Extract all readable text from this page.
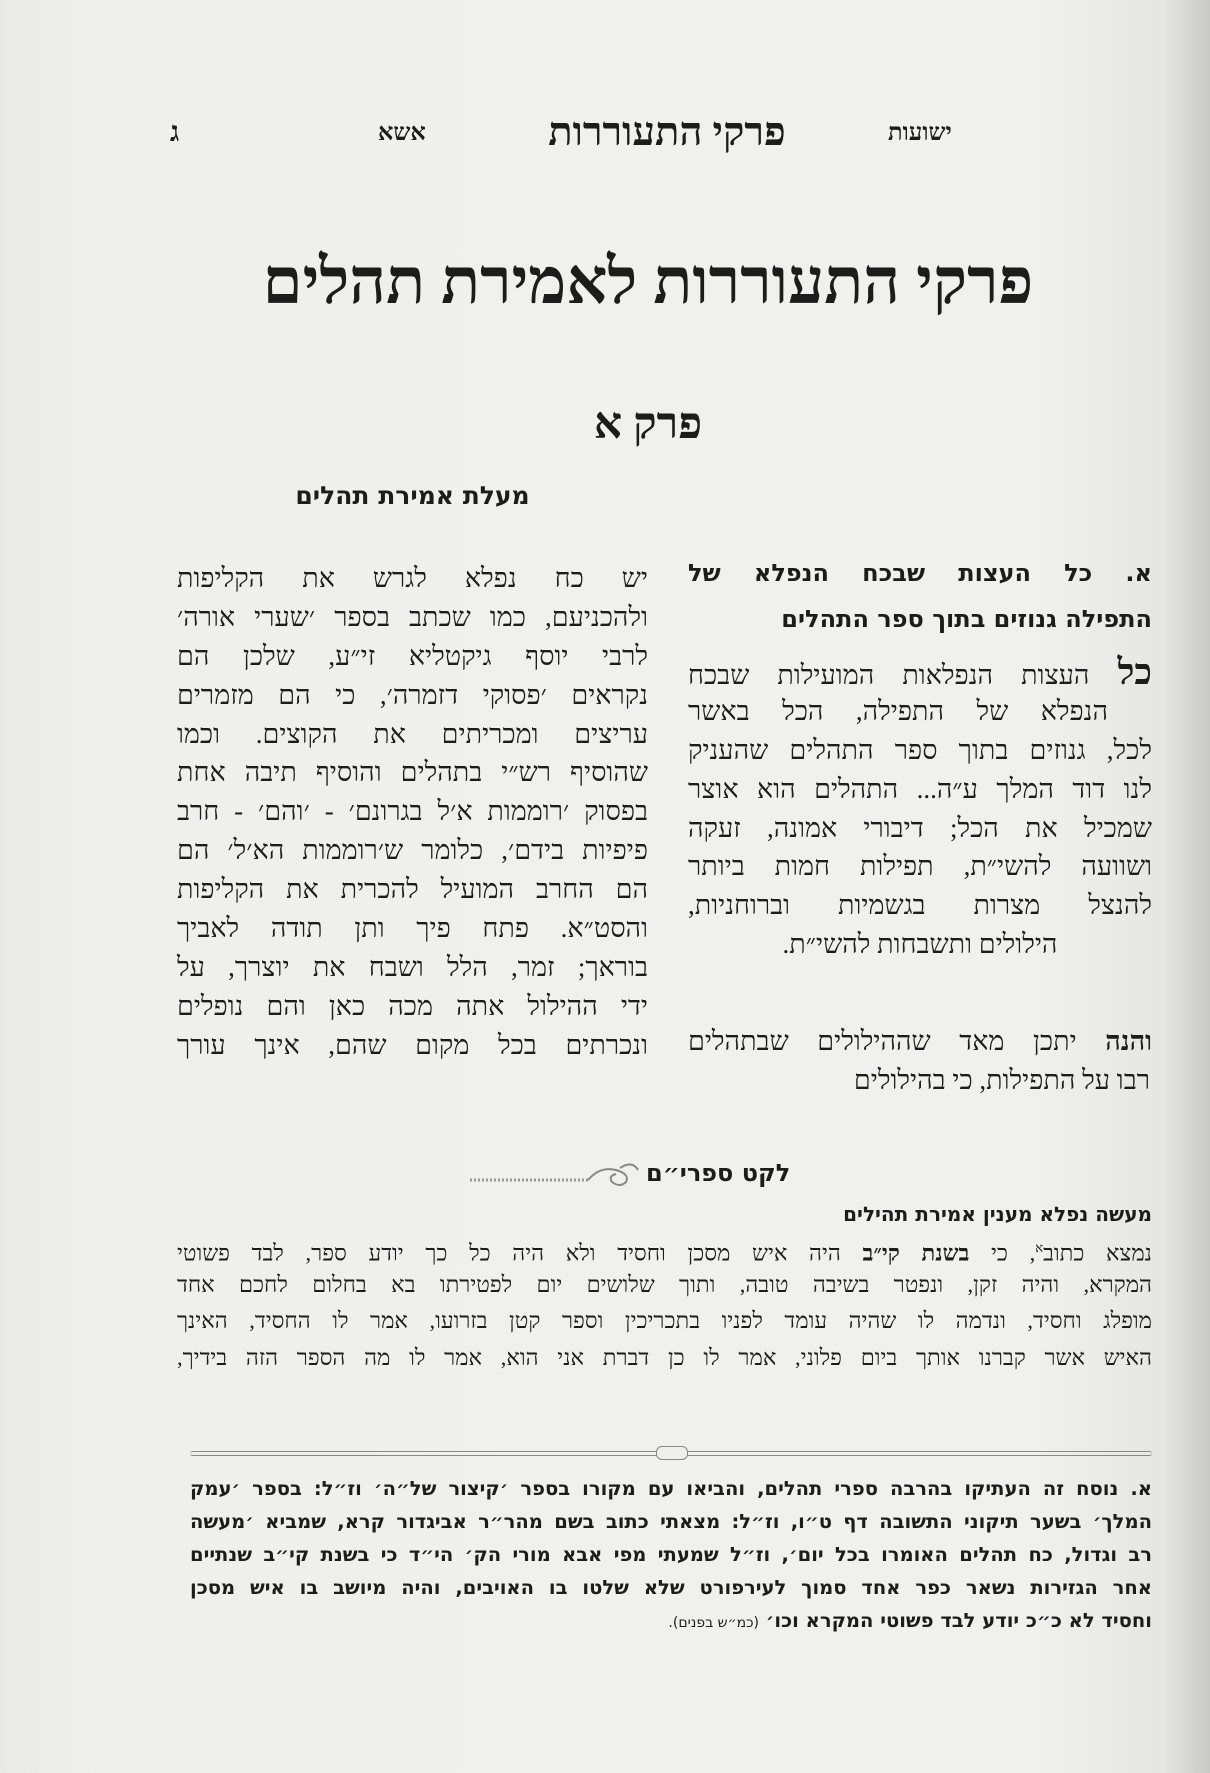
ג	אשא	פרקי התעוררות	ישועות
פרקי התעוררות לאמירת תהלים
פרק א
מעלת אמירת תהלים
יש כח נפלא לגרש את הקליפות
ולהכניעם, כמו שכתב בספר ׳שערי אורה׳
לרבי יוסף גיקטליא זי״ע, שלכן הם
נקראים ׳פסוקי דזמרה׳, כי הם מזמרים
עריצים ומכריתים את הקוצים. וכמו
שהוסיף רש״י בתהלים והוסיף תיבה אחת
בפסוק ׳רוממות א׳ל בגרונם׳ - ׳והם׳ - חרב
פיפיות בידם׳, כלומר ש׳רוממות הא׳ל׳ הם
הם החרב המועיל להכרית את הקליפות
והסט״א. פתח פיך ותן תודה לאביך
בוראך; זמר, הלל ושבח את יוצרך, על
ידי ההילול אתה מכה כאן והם נופלים
ונכרתים בכל מקום שהם, אינך עורך
א. כל העצות שבכח הנפלא של
התפילה גנוזים בתוך ספר התהלים
כל העצות הנפלאות המועילות שבכח
הנפלא של התפילה, הכל באשר
לכל, גנוזים בתוך ספר התהלים שהעניק
לנו דוד המלך ע״ה... התהלים הוא אוצר
שמכיל את הכל; דיבורי אמונה, זעקה
ושוועה להשי״ת, תפילות חמות ביותר
להנצל מצרות בגשמיות וברוחניות,
הילולים ותשבחות להשי״ת.
והנה יתכן מאד שההילולים שבתהלים
רבו על התפילות, כי בהילולים
לקט ספרי״ם
מעשה נפלא מענין אמירת תהילים
נמצא כתוב$^א$, כי בשנת קי״ב היה איש מסכן וחסיד ולא היה כל כך יודע ספר, לבד פשוטי
המקרא, והיה זקן, ונפטר בשיבה טובה, ותוך שלושים יום לפטירתו בא בחלום לחכם אחד
מופלג וחסיד, ונדמה לו שהיה עומד לפניו בתכריכין וספר קטן בזרועו, אמר לו החסיד, האינך
האיש אשר קברנו אותך ביום פלוני, אמר לו כן דברת אני הוא, אמר לו מה הספר הזה בידיך,
א. נוסח זה העתיקו בהרבה ספרי תהלים, והביאו עם מקורו בספר ׳קיצור של״ה׳ וז״ל: בספר ׳עמק
המלך׳ בשער תיקוני התשובה דף ט״ו, וז״ל: מצאתי כתוב בשם מהר״ר אביגדור קרא, שמביא ׳מעשה
רב וגדול, כח תהלים האומרו בכל יום׳, וז״ל שמעתי מפי אבא מורי הק׳ הי״ד כי בשנת קי״ב שנתיים
אחר הגזירות נשאר כפר אחד סמוך לעירפורט שלא שלטו בו האויבים, והיה מיושב בו איש מסכן
וחסיד לא כ״כ יודע לבד פשוטי המקרא וכו׳ (כמ״ש בפנים).
